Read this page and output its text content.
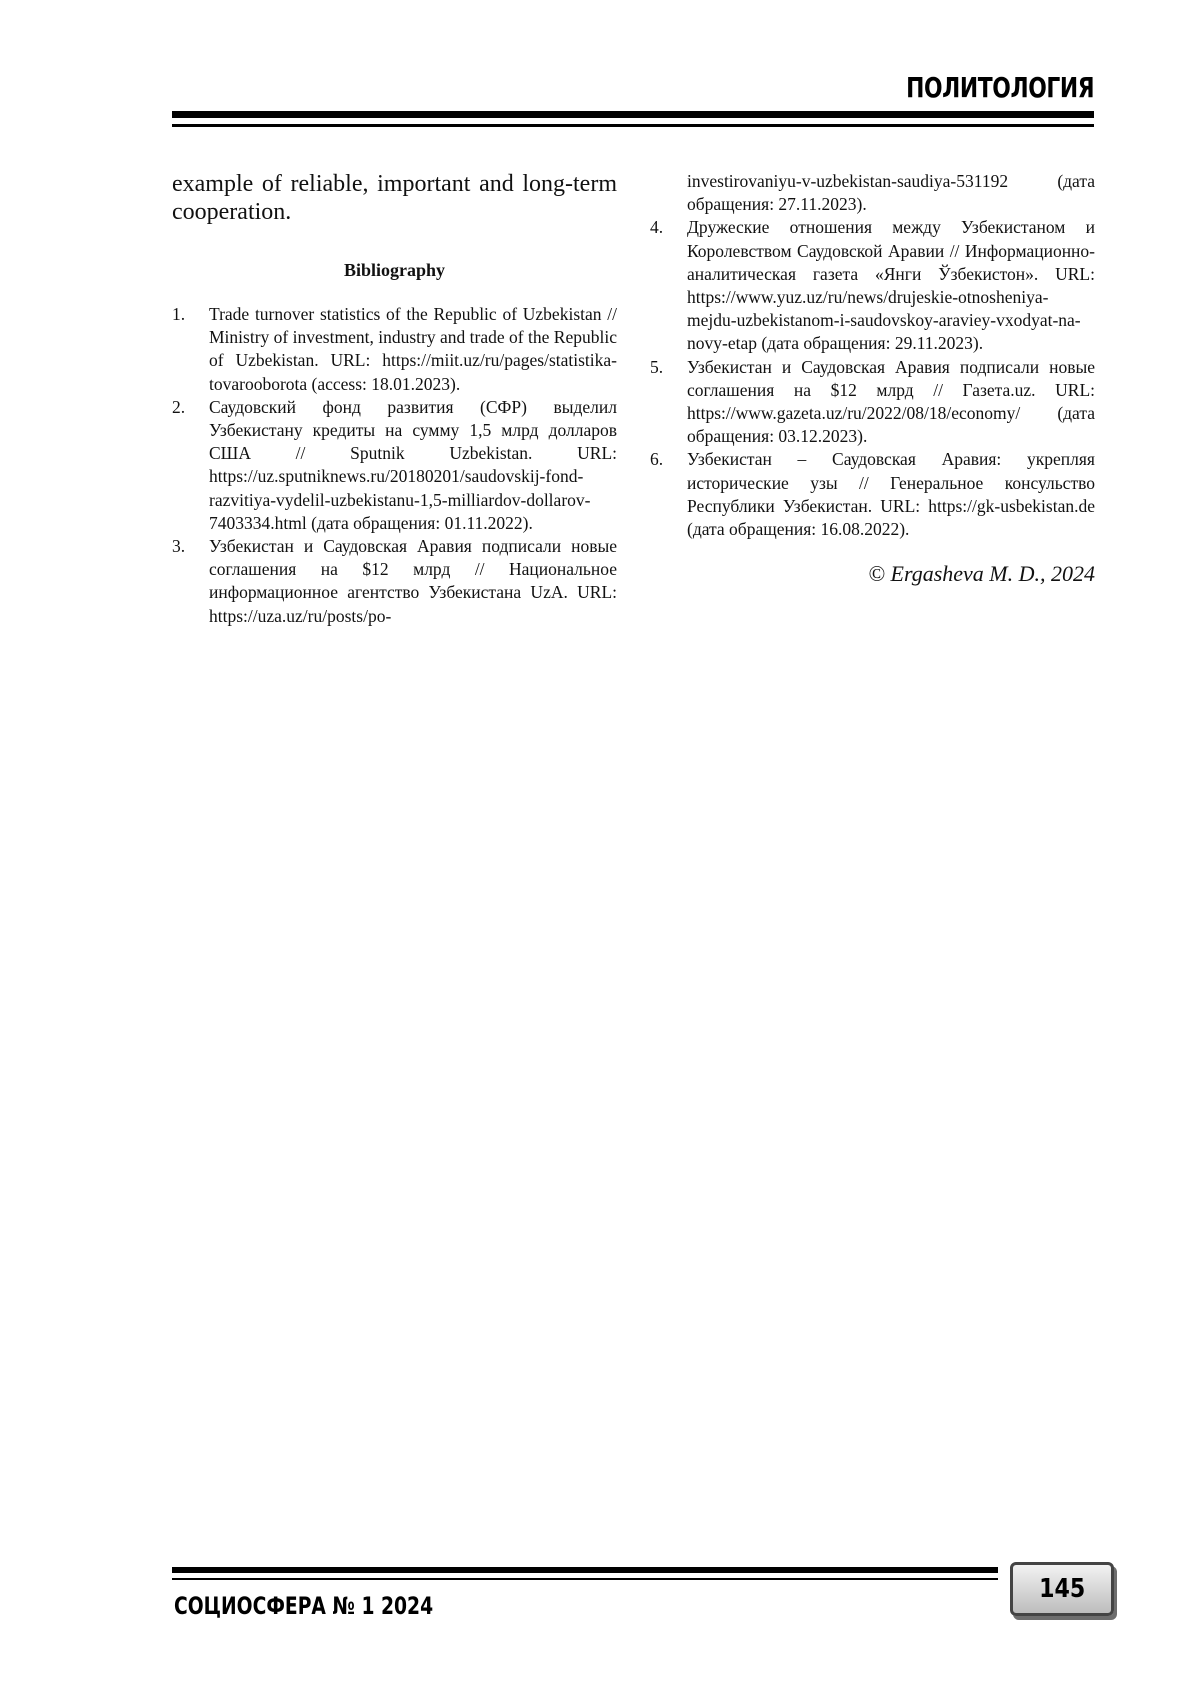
ПОЛИТОЛОГИЯ

example of reliable, important and long-term cooperation.

Bibliography
1. Trade turnover statistics of the Republic of Uzbekistan // Ministry of investment, industry and trade of the Republic of Uzbekistan. URL: https://miit.uz/ru/pages/statistika-tovarooborota (access: 18.01.2023).
2. Саудовский фонд развития (СФР) выделил Узбекистану кредиты на сумму 1,5 млрд долларов США // Sputnik Uzbekistan. URL: https://uz.sputniknews.ru/20180201/saudovskij-fond-razvitiya-vydelil-uzbekistanu-1,5-milliardov-dollarov-7403334.html (дата обращения: 01.11.2022).
3. Узбекистан и Саудовская Аравия подписали новые соглашения на $12 млрд // Национальное информационное агентство Узбекистана UzA. URL: https://uza.uz/ru/posts/po-
investirovaniyu-v-uzbekistan-saudiya-531192 (дата обращения: 27.11.2023).
4. Дружеские отношения между Узбекистаном и Королевством Саудовской Аравии // Информационно-аналитическая газета «Янги Ўзбекистон». URL: https://www.yuz.uz/ru/news/drujeskie-otnosheniya-mejdu-uzbekistanom-i-saudovskoy-araviey-vxodyat-na-novy-etap (дата обращения: 29.11.2023).
5. Узбекистан и Саудовская Аравия подписали новые соглашения на $12 млрд // Газета.uz. URL: https://www.gazeta.uz/ru/2022/08/18/economy/ (дата обращения: 03.12.2023).
6. Узбекистан – Саудовская Аравия: укрепляя исторические узы // Генеральное консульство Республики Узбекистан. URL: https://gk-usbekistan.de (дата обращения: 16.08.2022).

© Ergasheva M. D., 2024

СОЦИОСФЕРА № 1 2024

145
